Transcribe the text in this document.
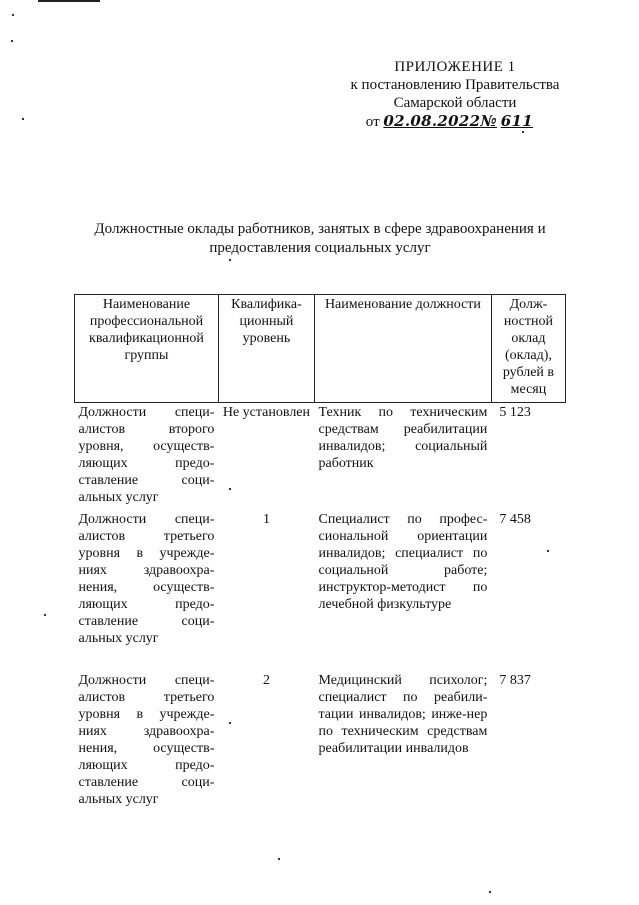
ПРИЛОЖЕНИЕ 1
к постановлению Правительства
Самарской области
от 02.08.2022№ 611
Должностные оклады работников, занятых в сфере здравоохранения и
предоставления социальных услуг
Наименование профессиональной квалификационной группы	Квалифика-ционный уровень	Наименование должности	Долж-ностной оклад (оклад), рублей в месяц
Должности специ-алистов второго уровня, осуществ-ляющих предо-ставление соци-альных услуг	Не установлен	Техник по техническим средствам реабилитации инвалидов; социальный работник	5 123
Должности специ-алистов третьего уровня в учрежде-ниях здравоохра-нения, осуществ-ляющих предо-ставление соци-альных услуг	1	Специалист по профес-сиональной ориентации инвалидов; специалист по социальной работе; инструктор-методист по лечебной физкультуре	7 458
Должности специ-алистов третьего уровня в учрежде-ниях здравоохра-нения, осуществ-ляющих предо-ставление соци-альных услуг	2	Медицинский психолог; специалист по реабили-тации инвалидов; инже-нер по техническим средствам реабилитации инвалидов	7 837
